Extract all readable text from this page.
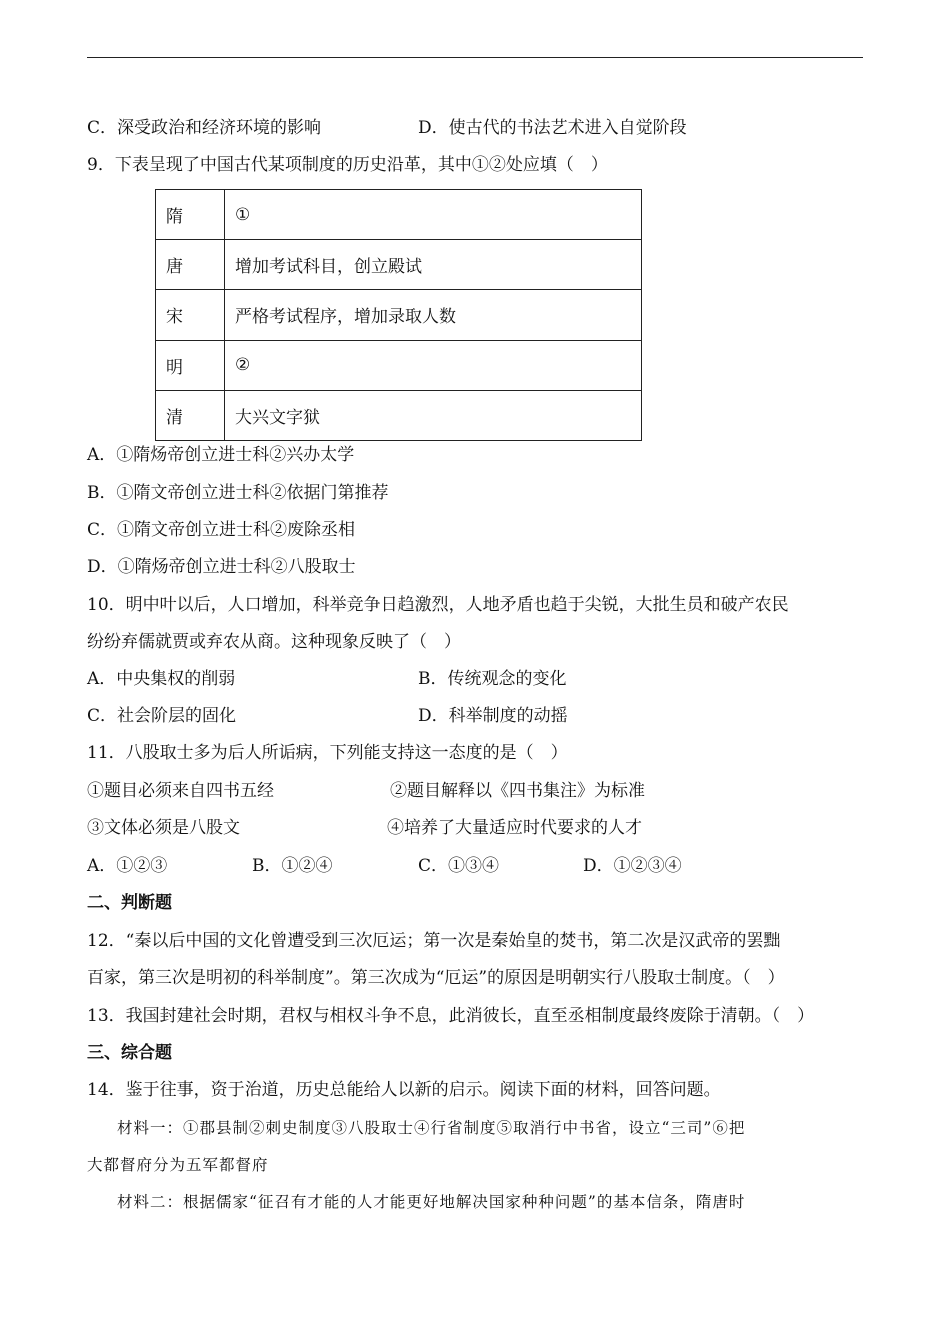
C．深受政治和经济环境的影响	D．使古代的书法艺术进入自觉阶段
9．下表呈现了中国古代某项制度的历史沿革，其中①②处应填（　）
隋	①
唐	增加考试科目，创立殿试
宋	严格考试程序，增加录取人数
明	②
清	大兴文字狱
A．①隋炀帝创立进士科②兴办太学
B．①隋文帝创立进士科②依据门第推荐
C．①隋文帝创立进士科②废除丞相
D．①隋炀帝创立进士科②八股取士
10．明中叶以后，人口增加，科举竞争日趋激烈，人地矛盾也趋于尖锐，大批生员和破产农民
纷纷弃儒就贾或弃农从商。这种现象反映了（　）
A．中央集权的削弱	B．传统观念的变化
C．社会阶层的固化	D．科举制度的动摇
11．八股取士多为后人所诟病，下列能支持这一态度的是（　）
①题目必须来自四书五经	②题目解释以《四书集注》为标准
③文体必须是八股文	④培养了大量适应时代要求的人才
A．①②③	B．①②④	C．①③④	D．①②③④
二、判断题
12．“秦以后中国的文化曾遭受到三次厄运；第一次是秦始皇的焚书，第二次是汉武帝的罢黜
百家，第三次是明初的科举制度”。第三次成为“厄运”的原因是明朝实行八股取士制度。（　）
13．我国封建社会时期，君权与相权斗争不息，此消彼长，直至丞相制度最终废除于清朝。（　）
三、综合题
14．鉴于往事，资于治道，历史总能给人以新的启示。阅读下面的材料，回答问题。
材料一：①郡县制②刺史制度③八股取士④行省制度⑤取消行中书省，设立“三司”⑥把
大都督府分为五军都督府
材料二：根据儒家“征召有才能的人才能更好地解决国家种种问题”的基本信条，隋唐时
